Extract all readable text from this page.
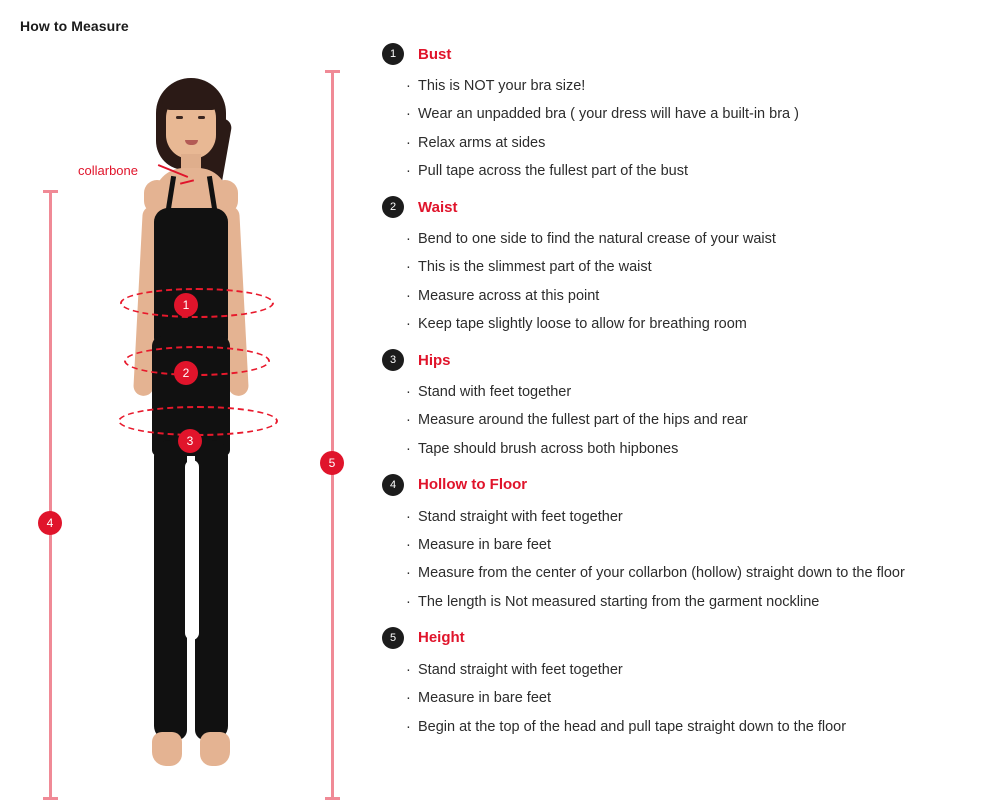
How to Measure
1
2
3
4
5
collarbone
1	Bust
· This is NOT your bra size!
· Wear an unpadded bra ( your dress will have a built-in bra )
· Relax arms at sides
· Pull tape across the fullest part of the bust
2	Waist
· Bend to one side to find the natural crease of your waist
· This is the slimmest part of the waist
· Measure across at this point
· Keep tape slightly loose to allow for breathing room
3	Hips
· Stand with feet together
· Measure around the fullest part of the hips and rear
· Tape should brush across both hipbones
4	Hollow to Floor
· Stand straight with feet together
· Measure in bare feet
· Measure from the center of your collarbon (hollow) straight down to the floor
· The length is Not measured starting from the garment nockline
5	Height
· Stand straight with feet together
· Measure in bare feet
· Begin at the top of the head and pull tape straight down to the floor
